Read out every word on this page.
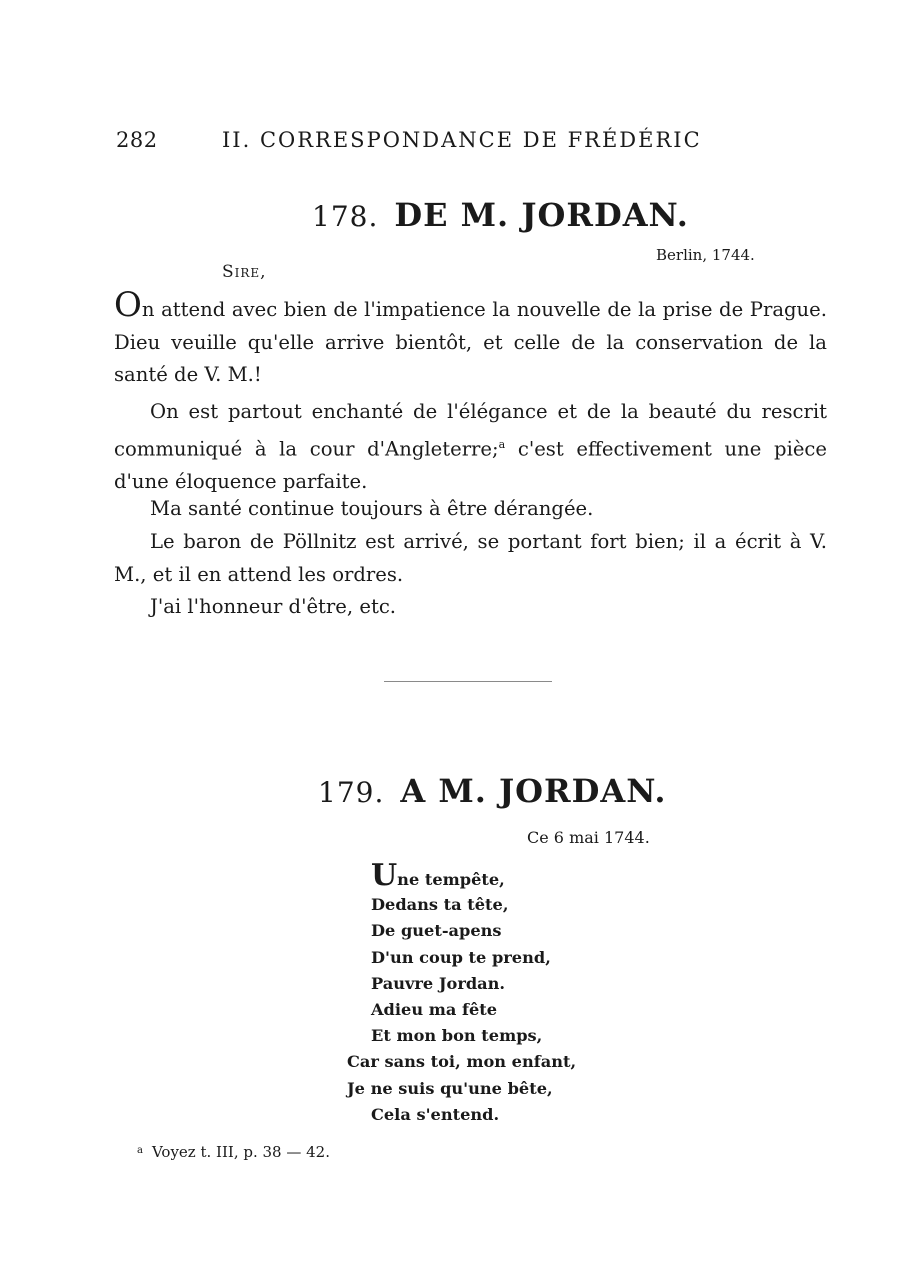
282	II. CORRESPONDANCE DE FRÉDÉRIC
178. DE M. JORDAN.
Berlin, 1744.
Sire,

On attend avec bien de l'impatience la nouvelle de la prise de Prague. Dieu veuille qu'elle arrive bientôt, et celle de la conservation de la santé de V. M.!

On est partout enchanté de l'élégance et de la beauté du rescrit communiqué à la cour d'Angleterre;$^a$ c'est effectivement une pièce d'une éloquence parfaite.

Ma santé continue toujours à être dérangée.

Le baron de Pöllnitz est arrivé, se portant fort bien; il a écrit à V. M., et il en attend les ordres.

J'ai l'honneur d'être, etc.

179. A M. JORDAN.
Ce 6 mai 1744.
Une tempête,
Dedans ta tête,
De guet-apens
D'un coup te prend,
Pauvre Jordan.
Adieu ma fête
Et mon bon temps,
Car sans toi, mon enfant,
Je ne suis qu'une bête,
Cela s'entend.
$^a$ Voyez t. III, p. 38 — 42.
